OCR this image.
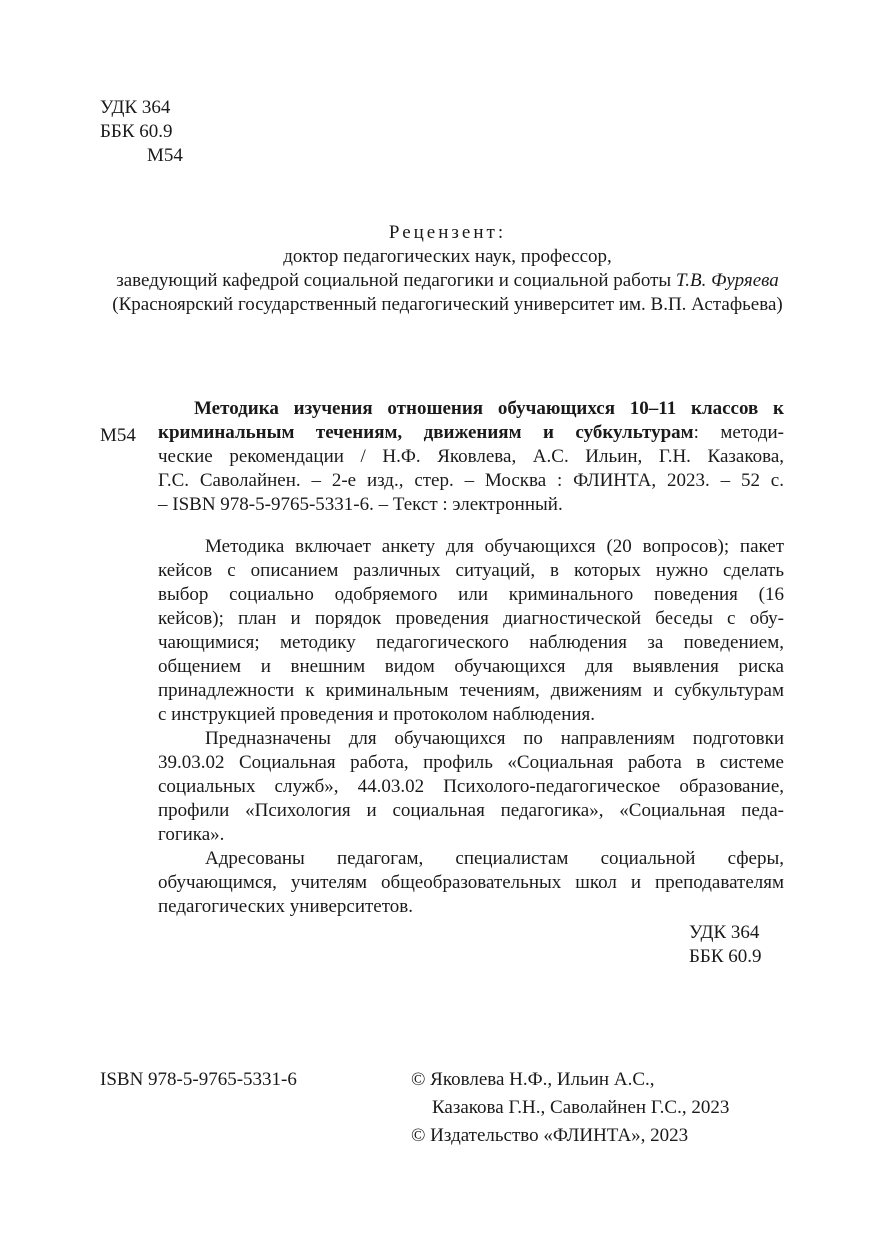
УДК 364
ББК 60.9
М54
Рецензент:
доктор педагогических наук, профессор,
заведующий кафедрой социальной педагогики и социальной работы Т.В. Фуряева
(Красноярский государственный педагогический университет им. В.П. Астафьева)
М54
Методика изучения отношения обучающихся 10–11 классов к
криминальным течениям, движениям и субкультурам: методи-
ческие рекомендации / Н.Ф. Яковлева, А.С. Ильин, Г.Н. Казакова,
Г.С. Саволайнен. – 2-е изд., стер. – Москва : ФЛИНТА, 2023. – 52 с.
– ISBN 978-5-9765-5331-6. – Текст : электронный.
Методика включает анкету для обучающихся (20 вопросов); пакет
кейсов с описанием различных ситуаций, в которых нужно сделать
выбор социально одобряемого или криминального поведения (16
кейсов); план и порядок проведения диагностической беседы с обу-
чающимися; методику педагогического наблюдения за поведением,
общением и внешним видом обучающихся для выявления риска
принадлежности к криминальным течениям, движениям и субкультурам
с инструкцией проведения и протоколом наблюдения.
Предназначены для обучающихся по направлениям подготовки
39.03.02 Социальная работа, профиль «Социальная работа в системе
социальных служб», 44.03.02 Психолого-педагогическое образование,
профили «Психология и социальная педагогика», «Социальная педа-
гогика».
Адресованы педагогам, специалистам социальной сферы,
обучающимся, учителям общеобразовательных школ и преподавателям
педагогических университетов.
УДК 364
ББК 60.9
ISBN 978-5-9765-5331-6	© Яковлева Н.Ф., Ильин А.С.,
Казакова Г.Н., Саволайнен Г.С., 2023
© Издательство «ФЛИНТА», 2023
